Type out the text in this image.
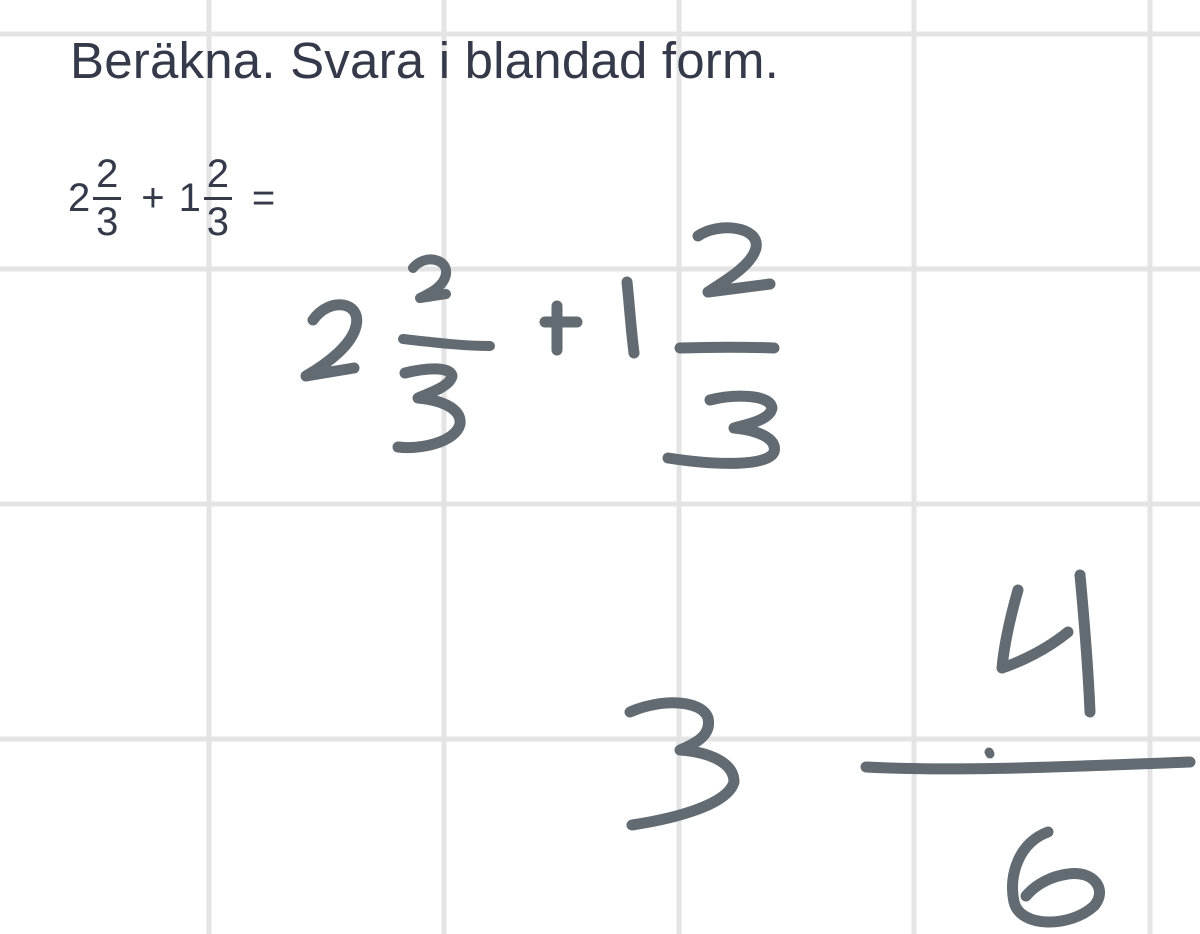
Beräkna. Svara i blandad form.
$2 \frac{2}{3} + 1 \frac{2}{3}$ =
